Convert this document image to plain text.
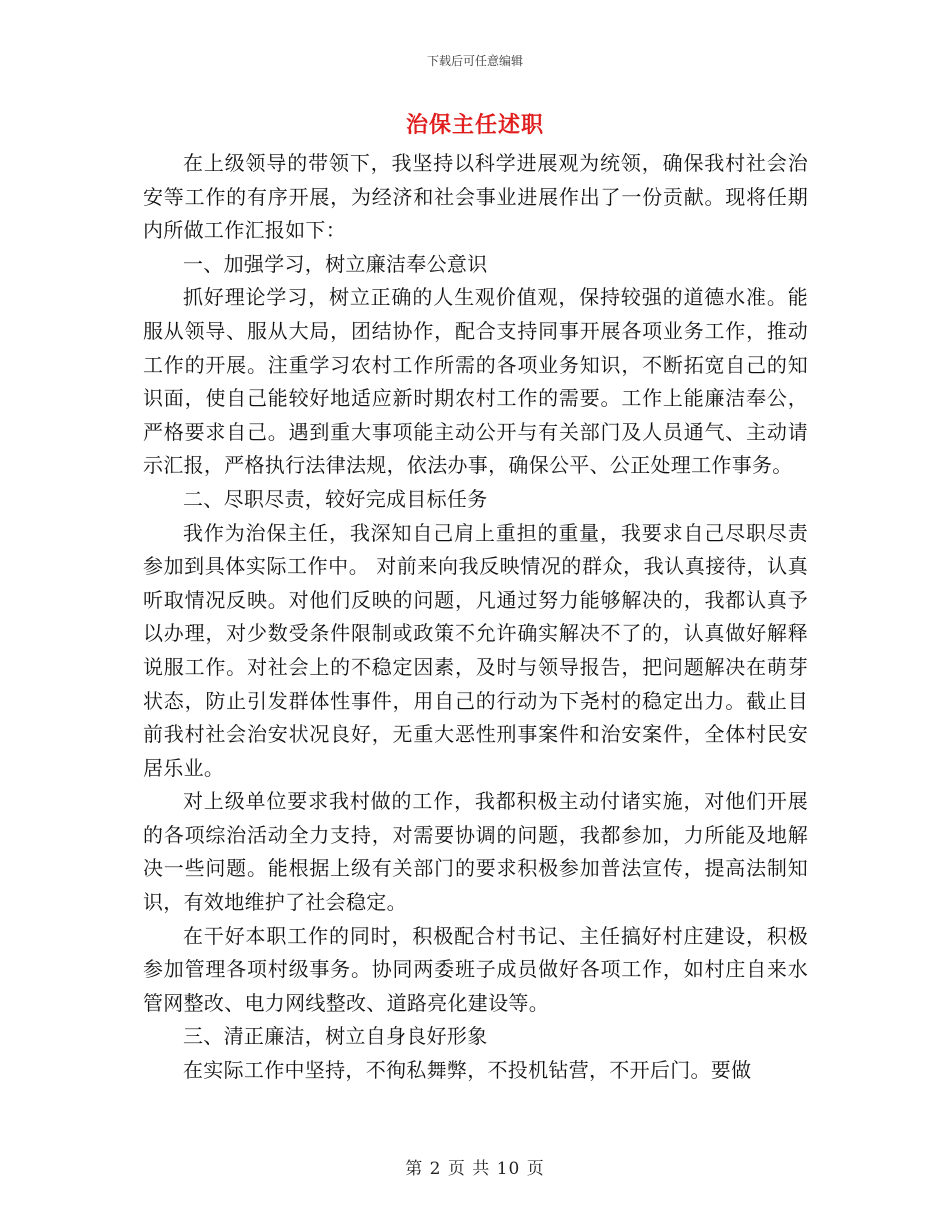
下载后可任意编辑
治保主任述职

在上级领导的带领下，我坚持以科学进展观为统领，确保我村社会治安等工作的有序开展，为经济和社会事业进展作出了一份贡献。现将任期内所做工作汇报如下：

一、加强学习，树立廉洁奉公意识

抓好理论学习，树立正确的人生观价值观，保持较强的道德水准。能服从领导、服从大局，团结协作，配合支持同事开展各项业务工作，推动工作的开展。注重学习农村工作所需的各项业务知识，不断拓宽自己的知识面，使自己能较好地适应新时期农村工作的需要。工作上能廉洁奉公，严格要求自己。遇到重大事项能主动公开与有关部门及人员通气、主动请示汇报，严格执行法律法规，依法办事，确保公平、公正处理工作事务。

二、尽职尽责，较好完成目标任务

我作为治保主任，我深知自己肩上重担的重量，我要求自己尽职尽责参加到具体实际工作中。 对前来向我反映情况的群众，我认真接待，认真听取情况反映。对他们反映的问题，凡通过努力能够解决的，我都认真予以办理，对少数受条件限制或政策不允许确实解决不了的，认真做好解释说服工作。对社会上的不稳定因素，及时与领导报告，把问题解决在萌芽状态，防止引发群体性事件，用自己的行动为下尧村的稳定出力。截止目前我村社会治安状况良好，无重大恶性刑事案件和治安案件，全体村民安居乐业。

对上级单位要求我村做的工作，我都积极主动付诸实施，对他们开展的各项综治活动全力支持，对需要协调的问题，我都参加，力所能及地解决一些问题。能根据上级有关部门的要求积极参加普法宣传，提高法制知识，有效地维护了社会稳定。

在干好本职工作的同时，积极配合村书记、主任搞好村庄建设，积极参加管理各项村级事务。协同两委班子成员做好各项工作，如村庄自来水管网整改、电力网线整改、道路亮化建设等。

三、清正廉洁，树立自身良好形象

在实际工作中坚持，不徇私舞弊，不投机钻营，不开后门。要做

第 2 页 共 10 页
